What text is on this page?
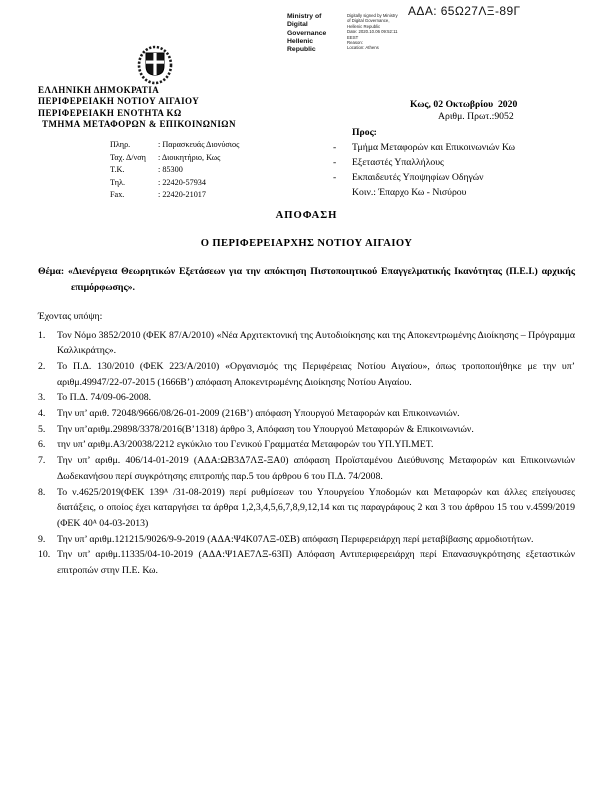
ΑΔΑ: 65Ω27ΛΞ-89Γ
Ministry of Digital
Governance
Hellenic Republic
Digitally signed by Ministry
of Digital Governance,
Hellenic Republic
Date: 2020.10.06 09:52:11
EEST
Reason:
Location: Athens
ΕΛΛΗΝΙΚΗ ΔΗΜΟΚΡΑΤΙΑ
ΠΕΡΙΦΕΡΕΙΑΚΗ ΝΟΤΙΟΥ ΑΙΓΑΙΟΥ
ΠΕΡΙΦΕΡΕΙΑΚΗ ΕΝΟΤΗΤΑ ΚΩ
ΤΜΗΜΑ ΜΕΤΑΦΟΡΩΝ & ΕΠΙΚΟΙΝΩΝΙΩΝ
Πληρ.	: Παρασκευάς Διονύσιος
Ταχ. Δ/νση	: Διοικητήριο, Κως
Τ.Κ.	: 85300
Τηλ.	: 22420-57934
Fax.	: 22420-21017
Κως, 02 Οκτωβρίου  2020
Αριθμ. Πρωτ.:9052
Προς:
-	Τμήμα Μεταφορών και Επικοινωνιών Κω
-	Εξεταστές Υπαλλήλους
-	Εκπαιδευτές Υποψηφίων Οδηγών
Κοιν.: Έπαρχο Κω - Νισύρου
ΑΠΟΦΑΣΗ
Ο ΠΕΡΙΦΕΡΕΙΑΡΧΗΣ ΝΟΤΙΟΥ ΑΙΓΑΙΟΥ

Θέμα: «Διενέργεια Θεωρητικών Εξετάσεων για την απόκτηση Πιστοποιητικού Επαγγελματικής Ικανότητας (Π.Ε.Ι.) αρχικής επιμόρφωσης».

Έχοντας υπόψη:
1.	Τον Νόμο 3852/2010 (ΦΕΚ 87/Α/2010) «Νέα Αρχιτεκτονική της Αυτοδιοίκησης και της Αποκεντρωμένης Διοίκησης – Πρόγραμμα Καλλικράτης».
2.	Το Π.Δ. 130/2010 (ΦΕΚ 223/Α/2010) «Οργανισμός της Περιφέρειας Νοτίου Αιγαίου», όπως τροποποιήθηκε με την υπ’ αριθμ.49947/22-07-2015 (1666Β’) απόφαση Αποκεντρωμένης Διοίκησης Νοτίου Αιγαίου.
3.	Το Π.Δ. 74/09-06-2008.
4.	Την υπ’ αριθ. 72048/9666/08/26-01-2009 (216Β’) απόφαση Υπουργού Μεταφορών και Επικοινωνιών.
5.	Την υπ’αριθμ.29898/3378/2016(Β’1318) άρθρο 3, Απόφαση του Υπουργού Μεταφορών & Επικοινωνιών.
6.	την υπ’ αριθμ.Α3/20038/2212 εγκύκλιο του Γενικού Γραμματέα Μεταφορών του ΥΠ.ΥΠ.ΜΕΤ.
7.	Την υπ’ αριθμ. 406/14-01-2019 (ΑΔΑ:ΩΒ3Δ7ΛΞ-ΞΑ0) απόφαση Προϊσταμένου Διεύθυνσης Μεταφορών και Επικοινωνιών Δωδεκανήσου περί συγκρότησης επιτροπής παρ.5 του άρθρου 6 του Π.Δ. 74/2008.
8.	Το ν.4625/2019(ΦΕΚ 139ᴬ /31-08-2019) περί ρυθμίσεων του Υπουργείου Υποδομών και Μεταφορών και άλλες επείγουσες διατάξεις, ο οποίος έχει καταργήσει τα άρθρα 1,2,3,4,5,6,7,8,9,12,14 και τις παραγράφους 2 και 3 του άρθρου 15 του ν.4599/2019 (ΦΕΚ 40ᴬ 04-03-2013)
9.	Την υπ’ αριθμ.121215/9026/9-9-2019 (ΑΔΑ:Ψ4Κ07ΛΞ-0ΣΒ) απόφαση Περιφερειάρχη περί μεταβίβασης αρμοδιοτήτων.
10. Την υπ’ αριθμ.11335/04-10-2019 (ΑΔΑ:Ψ1ΑΕ7ΛΞ-63Π) Απόφαση Αντιπεριφερειάρχη περί Επανασυγκρότησης εξεταστικών επιτροπών στην Π.Ε. Κω.
